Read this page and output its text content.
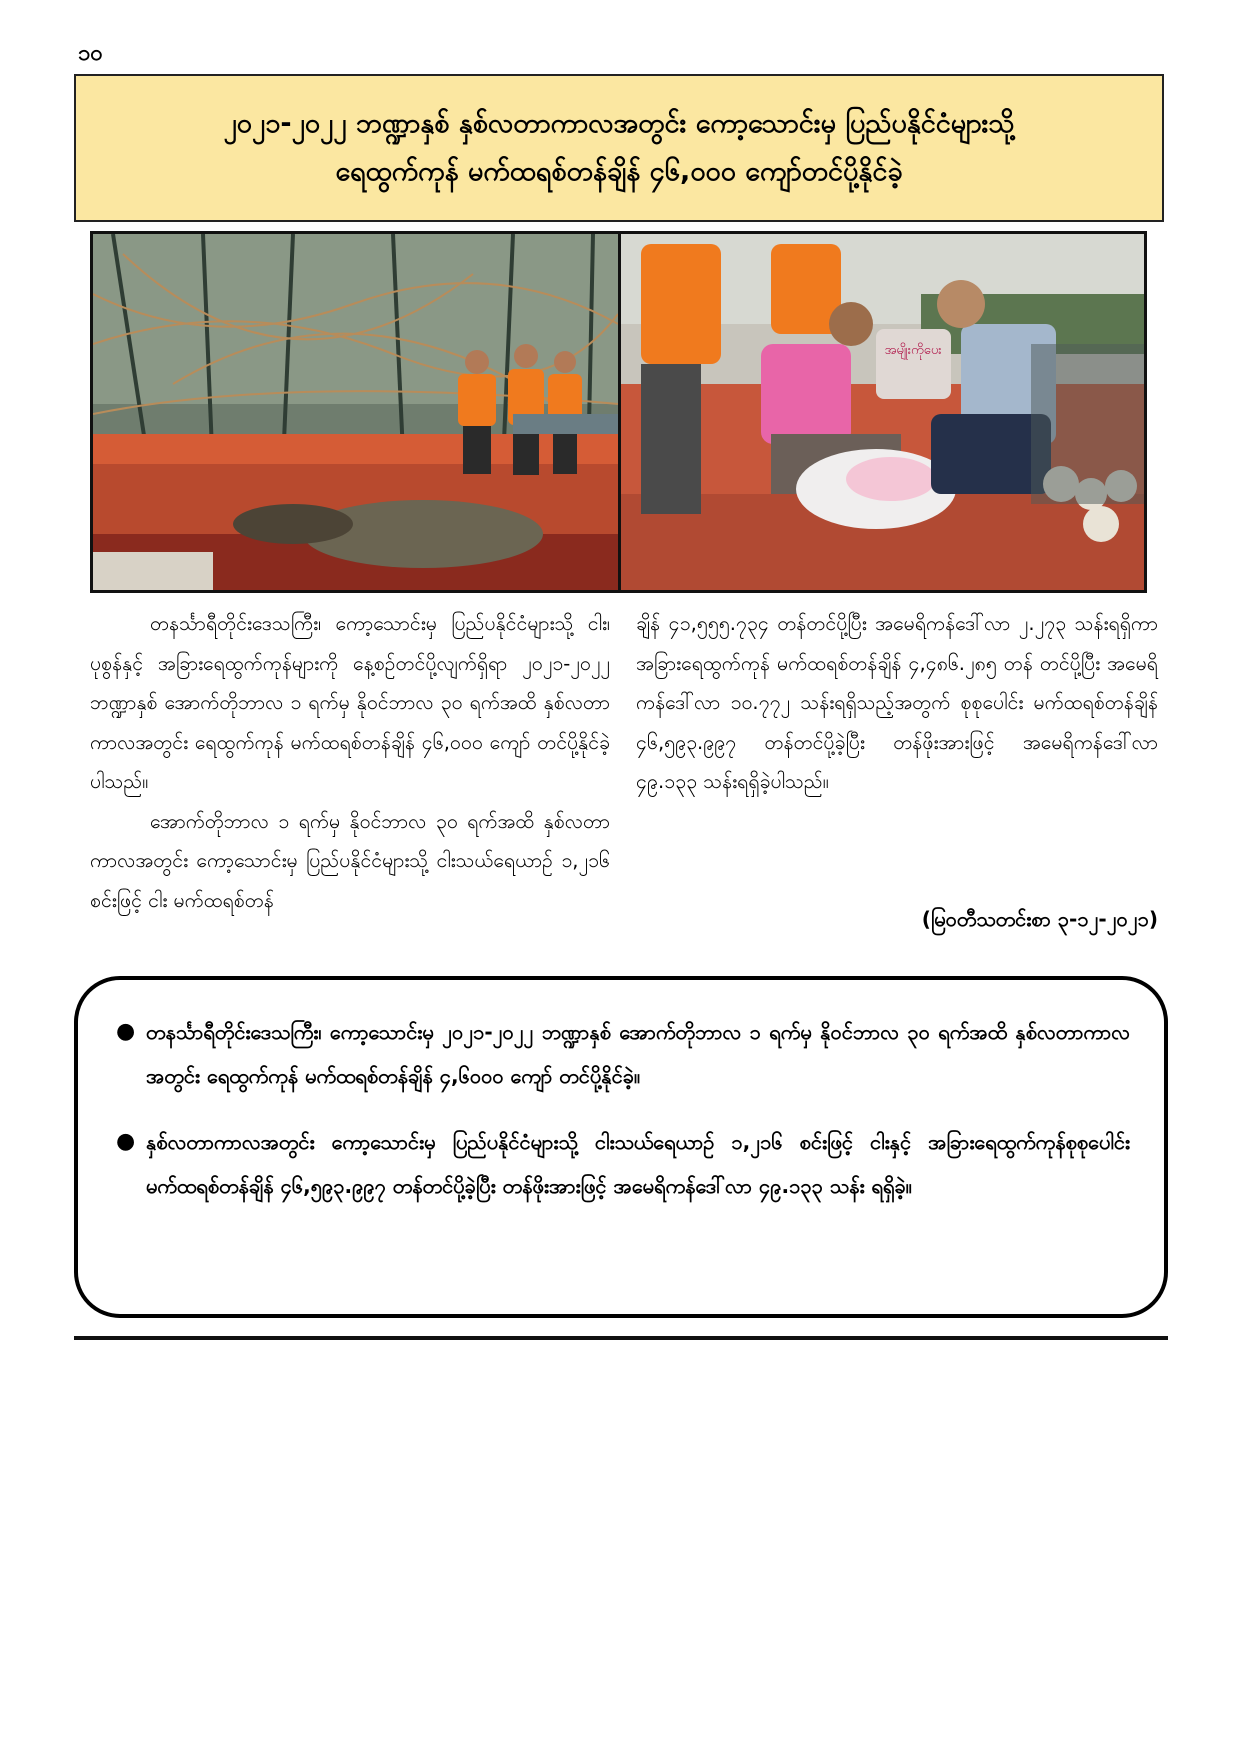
၁၀
၂၀၂၁-၂၀၂၂ ဘဏ္ဍာနှစ် နှစ်လတာကာလအတွင်း ကော့သောင်းမှ ပြည်ပနိုင်ငံများသို့
ရေထွက်ကုန် မက်ထရစ်တန်ချိန် ၄၆,၀၀၀ ကျော်တင်ပို့နိုင်ခဲ့
အမျိုးကိုပေး

တနင်္သာရီတိုင်းဒေသကြီး၊ ကော့သောင်းမှ ပြည်ပနိုင်ငံများသို့ ငါး၊ ပုစွန်နှင့် အခြားရေထွက်ကုန်များကို နေ့စဉ်တင်ပို့လျက်ရှိရာ ၂၀၂၁-၂၀၂၂ ဘဏ္ဍာနှစ် အောက်တိုဘာလ ၁ ရက်မှ နိုဝင်ဘာလ ၃၀ ရက်အထိ နှစ်လတာကာလအတွင်း ရေထွက်ကုန် မက်ထရစ်တန်ချိန် ၄၆,၀၀၀ ကျော် တင်ပို့နိုင်ခဲ့ပါသည်။

အောက်တိုဘာလ ၁ ရက်မှ နိုဝင်ဘာလ ၃၀ ရက်အထိ နှစ်လတာကာလအတွင်း ကော့သောင်းမှ ပြည်ပနိုင်ငံများသို့ ငါးသယ်ရေယာဉ် ၁,၂၁၆ စင်းဖြင့် ငါး မက်ထရစ်တန်

ချိန် ၄၁,၅၅၅.၇၃၄ တန်တင်ပို့ပြီး အမေရိကန်ဒေါ်လာ ၂.၂၇၃ သန်းရရှိကာ အခြားရေထွက်ကုန် မက်ထရစ်တန်ချိန် ၄,၄၈၆.၂၈၅ တန် တင်ပို့ပြီး အမေရိကန်ဒေါ်လာ ၁၀.၇၇၂ သန်းရရှိသည့်အတွက် စုစုပေါင်း မက်ထရစ်တန်ချိန် ၄၆,၅၉၃.၉၉၇ တန်တင်ပို့ခဲ့ပြီး တန်ဖိုးအားဖြင့် အမေရိကန်ဒေါ်လာ ၄၉.၁၃၃ သန်းရရှိခဲ့ပါသည်။

(မြဝတီသတင်းစာ ၃-၁၂-၂၀၂၁)
● တနင်္သာရီတိုင်းဒေသကြီး၊ ကော့သောင်းမှ ၂၀၂၁-၂၀၂၂ ဘဏ္ဍာနှစ် အောက်တိုဘာလ ၁ ရက်မှ နိုဝင်ဘာလ ၃၀ ရက်အထိ နှစ်လတာကာလအတွင်း ရေထွက်ကုန် မက်ထရစ်တန်ချိန် ၄,၆၀၀၀ ကျော် တင်ပို့နိုင်ခဲ့။
● နှစ်လတာကာလအတွင်း ကော့သောင်းမှ ပြည်ပနိုင်ငံများသို့ ငါးသယ်ရေယာဉ် ၁,၂၁၆ စင်းဖြင့် ငါးနှင့် အခြားရေထွက်ကုန်စုစုပေါင်း မက်ထရစ်တန်ချိန် ၄၆,၅၉၃.၉၉၇ တန်တင်ပို့ခဲ့ပြီး တန်ဖိုးအားဖြင့် အမေရိကန်ဒေါ်လာ ၄၉.၁၃၃ သန်း ရရှိခဲ့။
